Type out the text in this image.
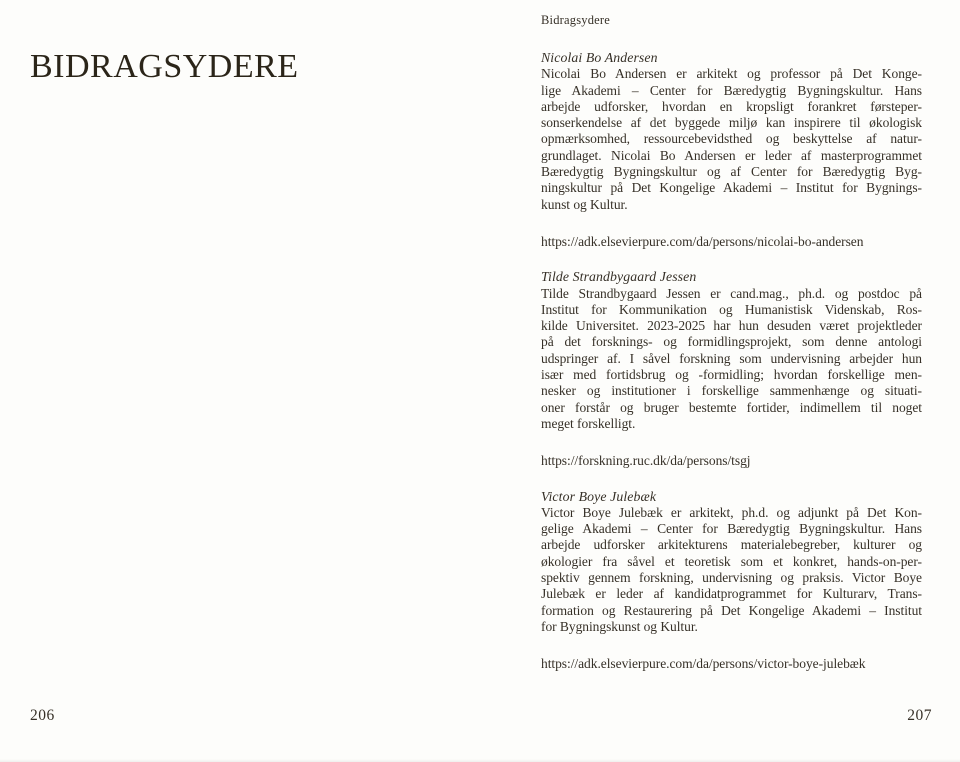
BIDRAGSYDERE
206
Bidragsydere
Nicolai Bo Andersen
Nicolai Bo Andersen er arkitekt og professor på Det Konge-
lige Akademi – Center for Bæredygtig Bygningskultur. Hans
arbejde udforsker, hvordan en kropsligt forankret førsteper-
sonserkendelse af det byggede miljø kan inspirere til økologisk
opmærksomhed, ressourcebevidsthed og beskyttelse af natur-
grundlaget. Nicolai Bo Andersen er leder af masterprogrammet
Bæredygtig Bygningskultur og af Center for Bæredygtig Byg-
ningskultur på Det Kongelige Akademi – Institut for Bygnings-
kunst og Kultur.
https://adk.elsevierpure.com/da/persons/nicolai-bo-andersen
Tilde Strandbygaard Jessen
Tilde Strandbygaard Jessen er cand.mag., ph.d. og postdoc på
Institut for Kommunikation og Humanistisk Videnskab, Ros-
kilde Universitet. 2023-2025 har hun desuden været projektleder
på det forsknings- og formidlingsprojekt, som denne antologi
udspringer af. I såvel forskning som undervisning arbejder hun
især med fortidsbrug og -formidling; hvordan forskellige men-
nesker og institutioner i forskellige sammenhænge og situati-
oner forstår og bruger bestemte fortider, indimellem til noget
meget forskelligt.
https://forskning.ruc.dk/da/persons/tsgj
Victor Boye Julebæk
Victor Boye Julebæk er arkitekt, ph.d. og adjunkt på Det Kon-
gelige Akademi – Center for Bæredygtig Bygningskultur. Hans
arbejde udforsker arkitekturens materialebegreber, kulturer og
økologier fra såvel et teoretisk som et konkret, hands-on-per-
spektiv gennem forskning, undervisning og praksis. Victor Boye
Julebæk er leder af kandidatprogrammet for Kulturarv, Trans-
formation og Restaurering på Det Kongelige Akademi – Institut
for Bygningskunst og Kultur.
https://adk.elsevierpure.com/da/persons/victor-boye-julebæk
207
